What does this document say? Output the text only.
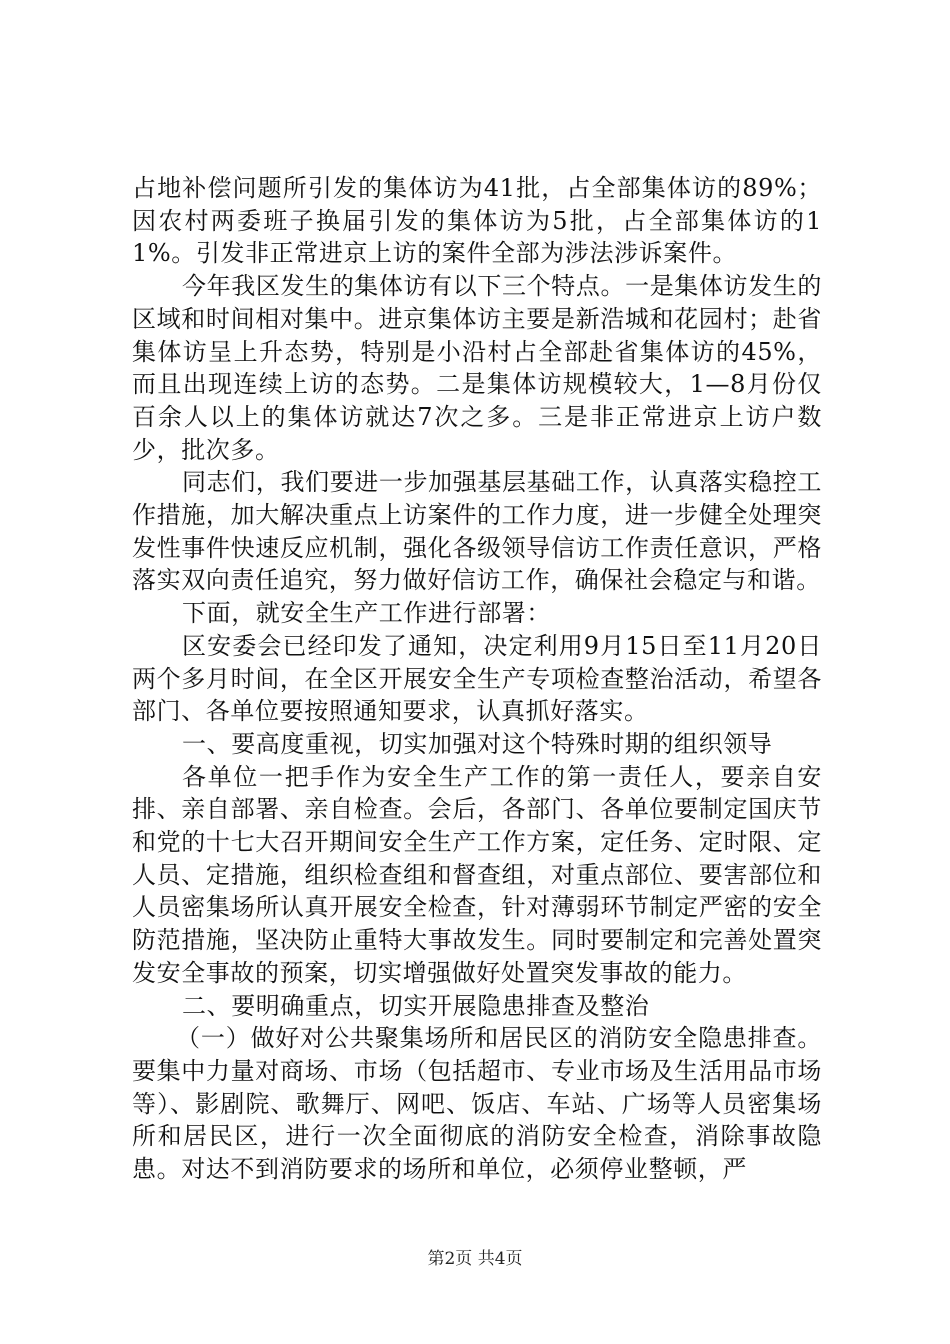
占地补偿问题所引发的集体访为41批，占全部集体访的89%；因农村两委班子换届引发的集体访为5批，占全部集体访的11%。引发非正常进京上访的案件全部为涉法涉诉案件。

今年我区发生的集体访有以下三个特点。一是集体访发生的区域和时间相对集中。进京集体访主要是新浩城和花园村；赴省集体访呈上升态势，特别是小沿村占全部赴省集体访的45%，而且出现连续上访的态势。二是集体访规模较大，1—8月份仅百余人以上的集体访就达7次之多。三是非正常进京上访户数少，批次多。

同志们，我们要进一步加强基层基础工作，认真落实稳控工作措施，加大解决重点上访案件的工作力度，进一步健全处理突发性事件快速反应机制，强化各级领导信访工作责任意识，严格落实双向责任追究，努力做好信访工作，确保社会稳定与和谐。

下面，就安全生产工作进行部署：

区安委会已经印发了通知，决定利用9月15日至11月20日两个多月时间，在全区开展安全生产专项检查整治活动，希望各部门、各单位要按照通知要求，认真抓好落实。

一、要高度重视，切实加强对这个特殊时期的组织领导

各单位一把手作为安全生产工作的第一责任人，要亲自安排、亲自部署、亲自检查。会后，各部门、各单位要制定国庆节和党的十七大召开期间安全生产工作方案，定任务、定时限、定人员、定措施，组织检查组和督查组，对重点部位、要害部位和人员密集场所认真开展安全检查，针对薄弱环节制定严密的安全防范措施，坚决防止重特大事故发生。同时要制定和完善处置突发安全事故的预案，切实增强做好处置突发事故的能力。

二、要明确重点，切实开展隐患排查及整治

（一）做好对公共聚集场所和居民区的消防安全隐患排查。要集中力量对商场、市场（包括超市、专业市场及生活用品市场等）、影剧院、歌舞厅、网吧、饭店、车站、广场等人员密集场所和居民区，进行一次全面彻底的消防安全检查，消除事故隐患。对达不到消防要求的场所和单位，必须停业整顿，严

第2页 共4页
